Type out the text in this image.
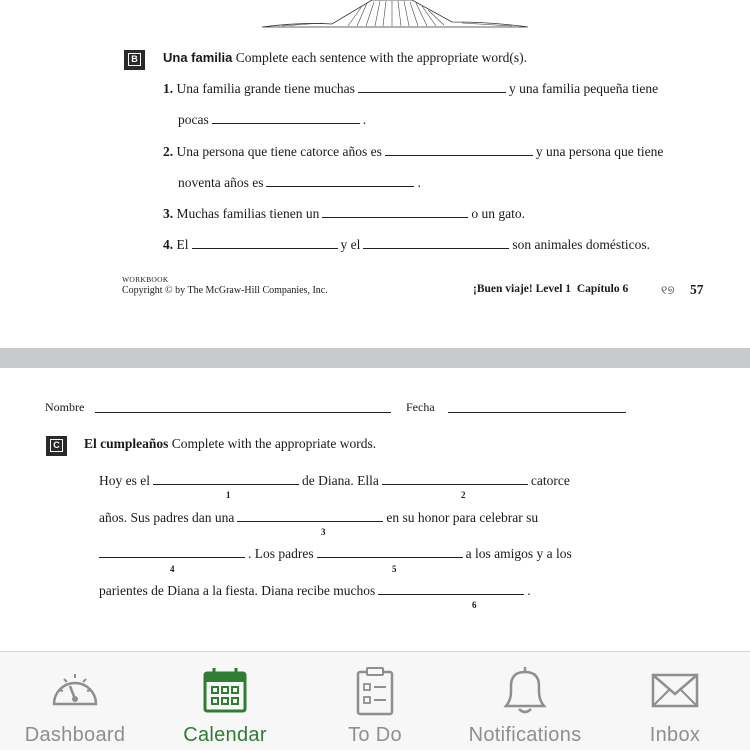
B	Una familia Complete each sentence with the appropriate word(s).
1. Una familia grande tiene muchas	y una familia pequeña tiene
pocas	.
2. Una persona que tiene catorce años es	y una persona que tiene
noventa años es	.
3. Muchas familias tienen un	o un gato.
4. El	y el	son animales domésticos.
WORKBOOK
Copyright © by The McGraw-Hill Companies, Inc.	¡Buen viaje! Level 1 Capítulo 6	୧୭ 57
Nombre	Fecha
C	El cumpleaños Complete with the appropriate words.
Hoy es el	de Diana. Ella	catorce
1	2
años. Sus padres dan una	en su honor para celebrar su
3
. Los padres	a los amigos y a los
4	5
parientes de Diana a la fiesta. Diana recibe muchos	.
6
Dashboard	Calendar	To Do	Notifications	Inbox
